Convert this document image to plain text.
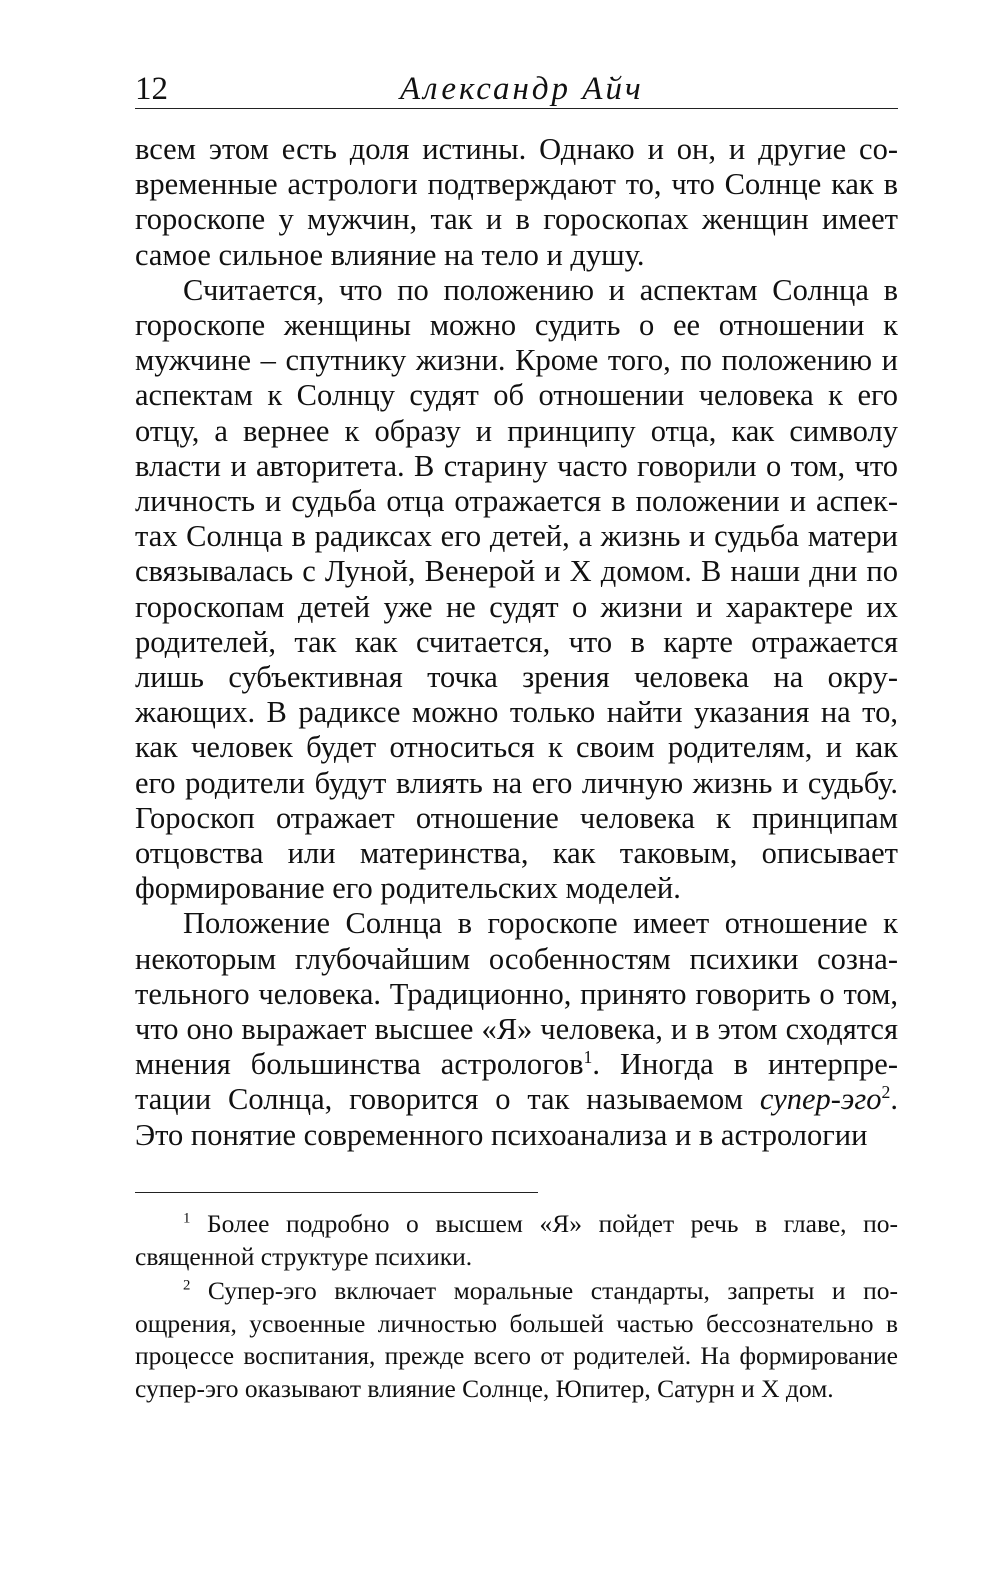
12	Александр Айч

всем этом есть доля истины. Однако и он, и другие современные астрологи подтверждают то, что Солнце как в гороскопе у мужчин, так и в гороскопах женщин имеет самое сильное влияние на тело и душу.

Считается, что по положению и аспектам Солнца в гороскопе женщины можно судить о ее отношении к мужчине – спутнику жизни. Кроме того, по положению и аспектам к Солнцу судят об отношении человека к его отцу, а вернее к образу и принципу отца, как символу власти и авторитета. В старину часто говорили о том, что личность и судьба отца отражается в положении и аспектах Солнца в радиксах его детей, а жизнь и судьба матери связывалась с Луной, Венерой и X домом. В наши дни по гороскопам детей уже не судят о жизни и характере их родителей, так как считается, что в карте отражается лишь субъективная точка зрения человека на окружающих. В радиксе можно только найти указания на то, как человек будет относиться к своим родителям, и как его родители будут влиять на его личную жизнь и судьбу. Гороскоп отражает отношение человека к принципам отцовства или материнства, как таковым, описывает формирование его родительских моделей.

Положение Солнца в гороскопе имеет отношение к некоторым глубочайшим особенностям психики сознательного человека. Традиционно, принято говорить о том, что оно выражает высшее «Я» человека, и в этом сходятся мнения большинства астрологов$^1$. Иногда в интерпретации Солнца, говорится о так называемом супер-эго$^2$. Это понятие современного психоанализа и в астрологии

$^1$ Более подробно о высшем «Я» пойдет речь в главе, посвященной структуре психики.

$^2$ Супер-эго включает моральные стандарты, запреты и поощрения, усвоенные личностью большей частью бессознательно в процессе воспитания, прежде всего от родителей. На формирование супер-эго оказывают влияние Солнце, Юпитер, Сатурн и X дом.
